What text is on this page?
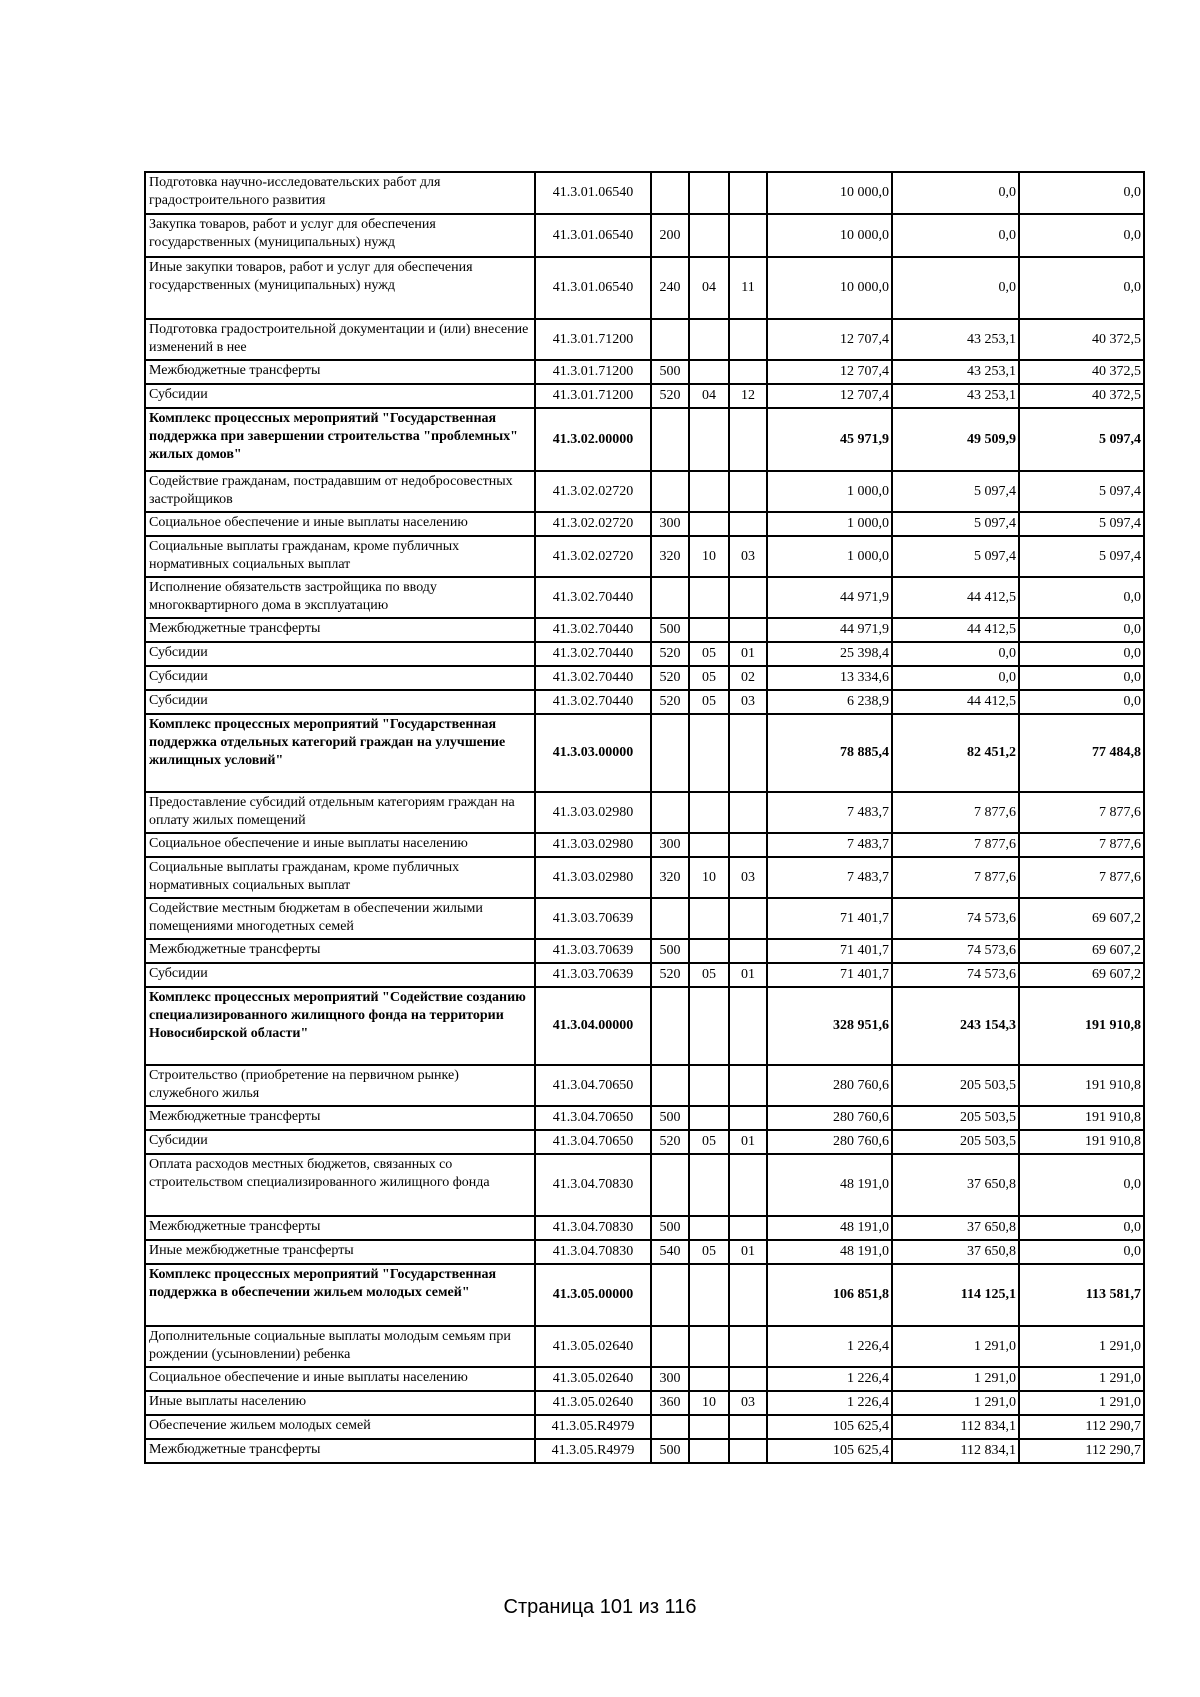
Подготовка научно-исследовательских работ для градостроительного развития	41.3.01.06540				10 000,0	0,0	0,0
Закупка товаров, работ и услуг для обеспечения государственных (муниципальных) нужд	41.3.01.06540	200			10 000,0	0,0	0,0
Иные закупки товаров, работ и услуг для обеспечения государственных (муниципальных) нужд	41.3.01.06540	240	04	11	10 000,0	0,0	0,0
Подготовка градостроительной документации и (или) внесение изменений в нее	41.3.01.71200				12 707,4	43 253,1	40 372,5
Межбюджетные трансферты	41.3.01.71200	500			12 707,4	43 253,1	40 372,5
Субсидии	41.3.01.71200	520	04	12	12 707,4	43 253,1	40 372,5
Комплекс процессных мероприятий "Государственная поддержка при завершении строительства "проблемных" жилых домов"	41.3.02.00000				45 971,9	49 509,9	5 097,4
Содействие гражданам, пострадавшим от недобросовестных застройщиков	41.3.02.02720				1 000,0	5 097,4	5 097,4
Социальное обеспечение и иные выплаты населению	41.3.02.02720	300			1 000,0	5 097,4	5 097,4
Социальные выплаты гражданам, кроме публичных нормативных социальных выплат	41.3.02.02720	320	10	03	1 000,0	5 097,4	5 097,4
Исполнение обязательств застройщика по вводу многоквартирного дома в эксплуатацию	41.3.02.70440				44 971,9	44 412,5	0,0
Межбюджетные трансферты	41.3.02.70440	500			44 971,9	44 412,5	0,0
Субсидии	41.3.02.70440	520	05	01	25 398,4	0,0	0,0
Субсидии	41.3.02.70440	520	05	02	13 334,6	0,0	0,0
Субсидии	41.3.02.70440	520	05	03	6 238,9	44 412,5	0,0
Комплекс процессных мероприятий "Государственная поддержка отдельных категорий граждан на улучшение жилищных условий"	41.3.03.00000				78 885,4	82 451,2	77 484,8
Предоставление субсидий отдельным категориям граждан на оплату жилых помещений	41.3.03.02980				7 483,7	7 877,6	7 877,6
Социальное обеспечение и иные выплаты населению	41.3.03.02980	300			7 483,7	7 877,6	7 877,6
Социальные выплаты гражданам, кроме публичных нормативных социальных выплат	41.3.03.02980	320	10	03	7 483,7	7 877,6	7 877,6
Содействие местным бюджетам в обеспечении жилыми помещениями многодетных семей	41.3.03.70639				71 401,7	74 573,6	69 607,2
Межбюджетные трансферты	41.3.03.70639	500			71 401,7	74 573,6	69 607,2
Субсидии	41.3.03.70639	520	05	01	71 401,7	74 573,6	69 607,2
Комплекс процессных мероприятий "Содействие созданию специализированного жилищного фонда на территории Новосибирской области"	41.3.04.00000				328 951,6	243 154,3	191 910,8
Строительство (приобретение на первичном рынке) служебного жилья	41.3.04.70650				280 760,6	205 503,5	191 910,8
Межбюджетные трансферты	41.3.04.70650	500			280 760,6	205 503,5	191 910,8
Субсидии	41.3.04.70650	520	05	01	280 760,6	205 503,5	191 910,8
Оплата расходов местных бюджетов, связанных со строительством специализированного жилищного фонда	41.3.04.70830				48 191,0	37 650,8	0,0
Межбюджетные трансферты	41.3.04.70830	500			48 191,0	37 650,8	0,0
Иные межбюджетные трансферты	41.3.04.70830	540	05	01	48 191,0	37 650,8	0,0
Комплекс процессных мероприятий "Государственная поддержка в обеспечении жильем молодых семей"	41.3.05.00000				106 851,8	114 125,1	113 581,7
Дополнительные социальные выплаты молодым семьям при рождении (усыновлении) ребенка	41.3.05.02640				1 226,4	1 291,0	1 291,0
Социальное обеспечение и иные выплаты населению	41.3.05.02640	300			1 226,4	1 291,0	1 291,0
Иные выплаты населению	41.3.05.02640	360	10	03	1 226,4	1 291,0	1 291,0
Обеспечение жильем молодых семей	41.3.05.R4979				105 625,4	112 834,1	112 290,7
Межбюджетные трансферты	41.3.05.R4979	500			105 625,4	112 834,1	112 290,7
Страница 101 из 116
